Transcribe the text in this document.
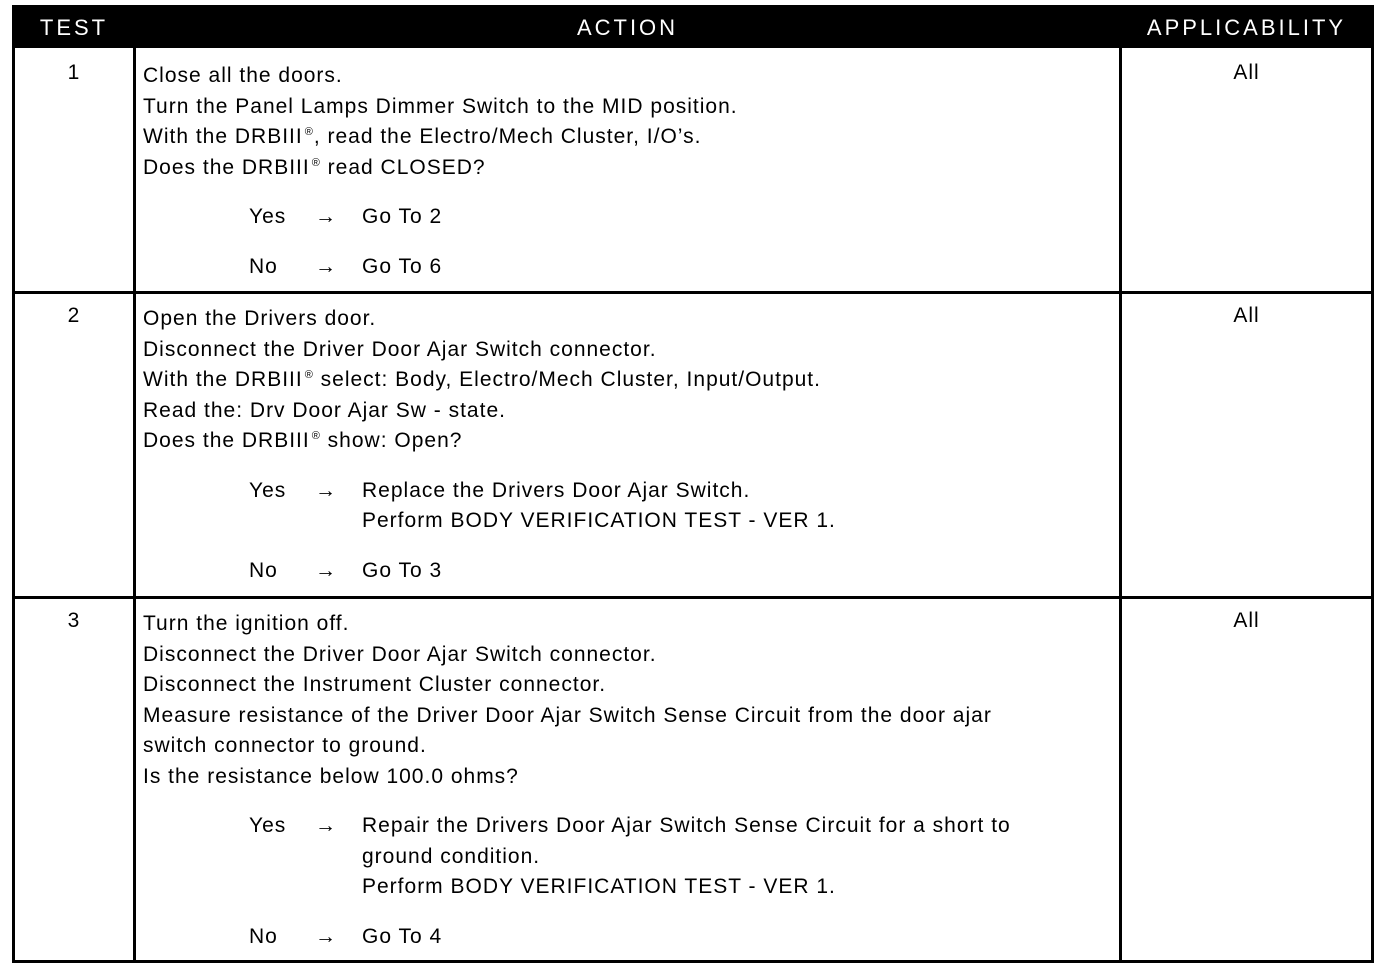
TEST	ACTION	APPLICABILITY
1	Close all the doors.
Turn the Panel Lamps Dimmer Switch to the MID position.
With the DRBIII ®, read the Electro/Mech Cluster, I/O’s.
Does the DRBIII ® read CLOSED?
Yes	→ Go To 2
No	→ Go To 6
All
2	Open the Drivers door.
Disconnect the Driver Door Ajar Switch connector.
With the DRBIII ® select: Body, Electro/Mech Cluster, Input/Output.
Read the: Drv Door Ajar Sw - state.
Does the DRBIII ® show: Open?
Yes	→ Replace the Drivers Door Ajar Switch.
Perform BODY VERIFICATION TEST - VER 1.
No	→ Go To 3
All
3	Turn the ignition off.
Disconnect the Driver Door Ajar Switch connector.
Disconnect the Instrument Cluster connector.
Measure resistance of the Driver Door Ajar Switch Sense Circuit from the door ajar
switch connector to ground.
Is the resistance below 100.0 ohms?
Yes	→ Repair the Drivers Door Ajar Switch Sense Circuit for a short to
ground condition.
Perform BODY VERIFICATION TEST - VER 1.
No	→ Go To 4
All
